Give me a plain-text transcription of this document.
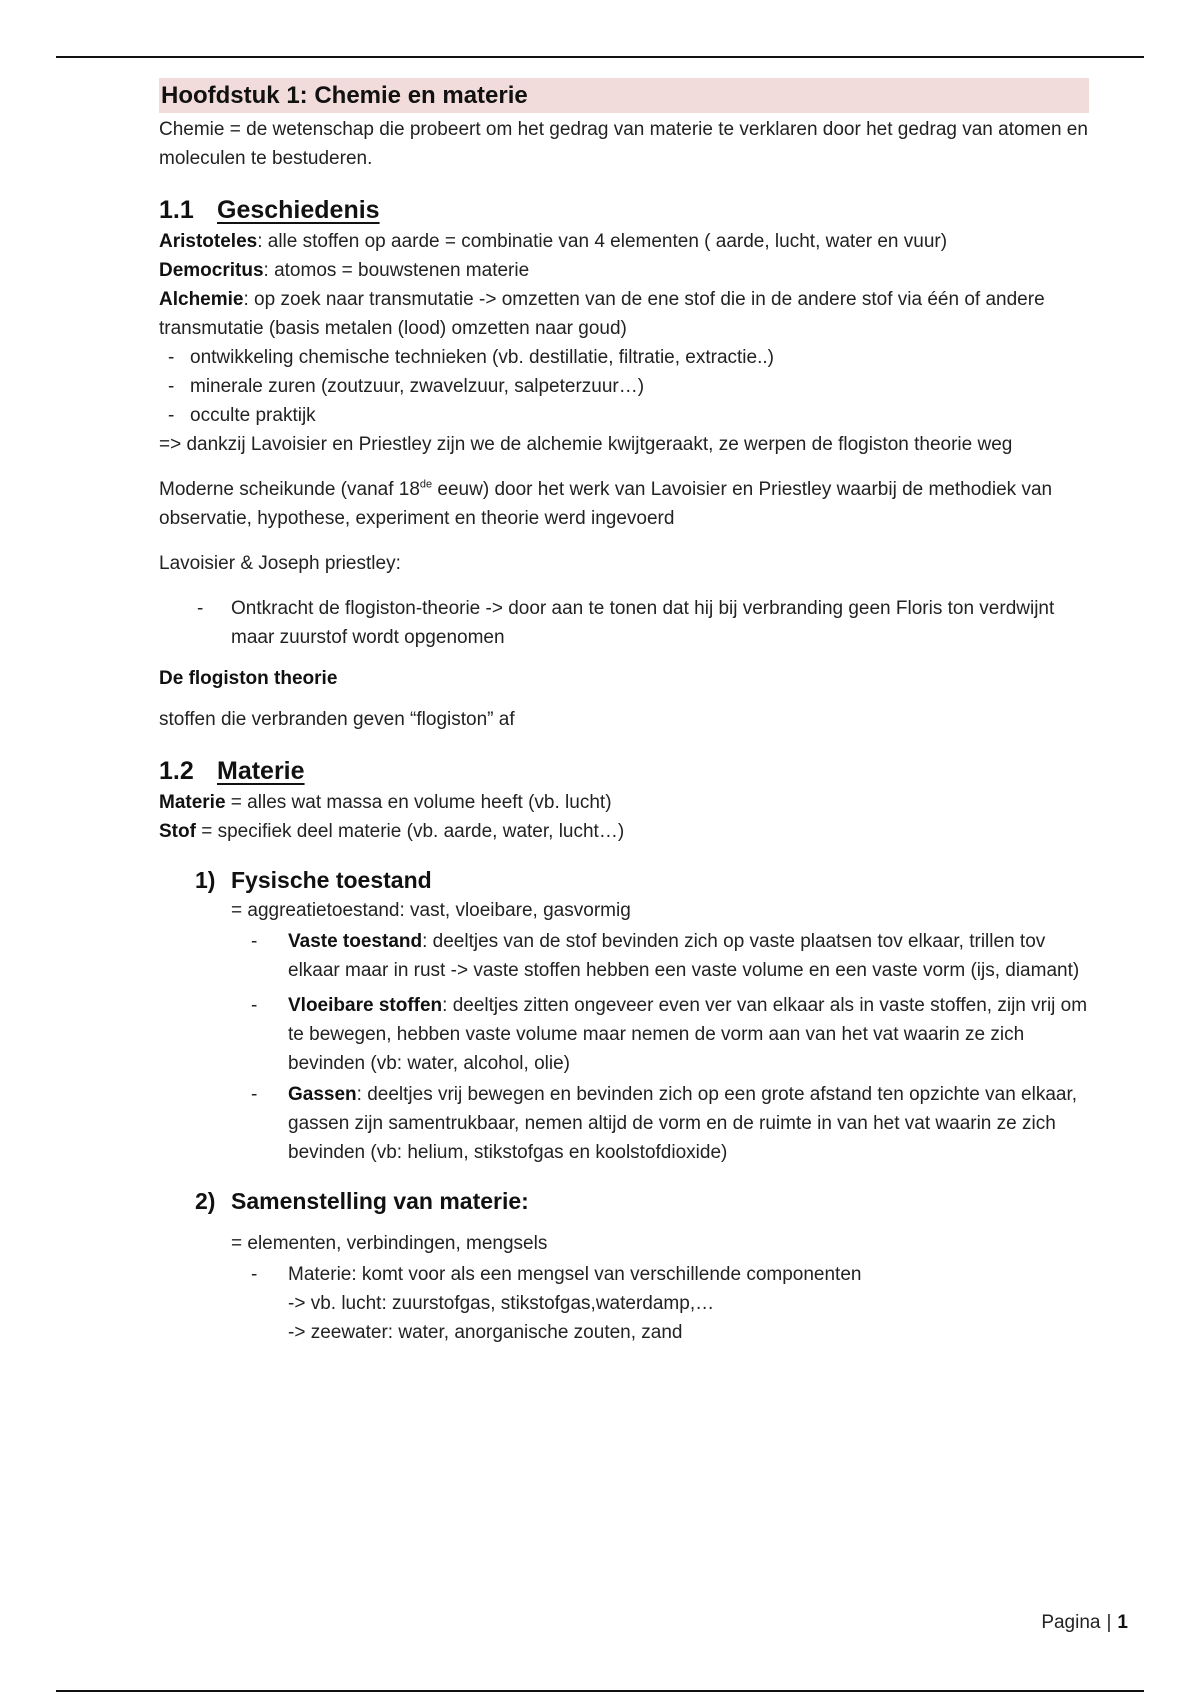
Hoofdstuk 1: Chemie en materie

Chemie = de wetenschap die probeert om het gedrag van materie te verklaren door het gedrag van atomen en moleculen te bestuderen.

1.1 Geschiedenis

Aristoteles: alle stoffen op aarde = combinatie van 4 elementen ( aarde, lucht, water en vuur)

Democritus: atomos = bouwstenen materie

Alchemie: op zoek naar transmutatie -> omzetten van de ene stof die in de andere stof via één of andere transmutatie (basis metalen (lood) omzetten naar goud)

- ontwikkeling chemische technieken (vb. destillatie, filtratie, extractie..)
- minerale zuren (zoutzuur, zwavelzuur, salpeterzuur…)
- occulte praktijk

=> dankzij Lavoisier en Priestley zijn we de alchemie kwijtgeraakt, ze werpen de flogiston theorie weg

Moderne scheikunde (vanaf 18de eeuw) door het werk van Lavoisier en Priestley waarbij de methodiek van observatie, hypothese, experiment en theorie werd ingevoerd

Lavoisier & Joseph priestley:

- Ontkracht de flogiston-theorie -> door aan te tonen dat hij bij verbranding geen Floris ton verdwijnt maar zuurstof wordt opgenomen

De flogiston theorie

stoffen die verbranden geven “flogiston” af

1.2 Materie

Materie = alles wat massa en volume heeft (vb. lucht)

Stof = specifiek deel materie (vb. aarde, water, lucht…)

1) Fysische toestand

= aggreatietoestand: vast, vloeibare, gasvormig

- Vaste toestand: deeltjes van de stof bevinden zich op vaste plaatsen tov elkaar, trillen tov elkaar maar in rust -> vaste stoffen hebben een vaste volume en een vaste vorm (ijs, diamant)
- Vloeibare stoffen: deeltjes zitten ongeveer even ver van elkaar als in vaste stoffen, zijn vrij om te bewegen, hebben vaste volume maar nemen de vorm aan van het vat waarin ze zich bevinden (vb: water, alcohol, olie)
- Gassen: deeltjes vrij bewegen en bevinden zich op een grote afstand ten opzichte van elkaar, gassen zijn samentrukbaar, nemen altijd de vorm en de ruimte in van het vat waarin ze zich bevinden (vb: helium, stikstofgas en koolstofdioxide)
2) Samenstelling van materie:

= elementen, verbindingen, mengsels

- Materie: komt voor als een mengsel van verschillende componenten
-> vb. lucht: zuurstofgas, stikstofgas,waterdamp,…
-> zeewater: water, anorganische zouten, zand
Pagina | 1
